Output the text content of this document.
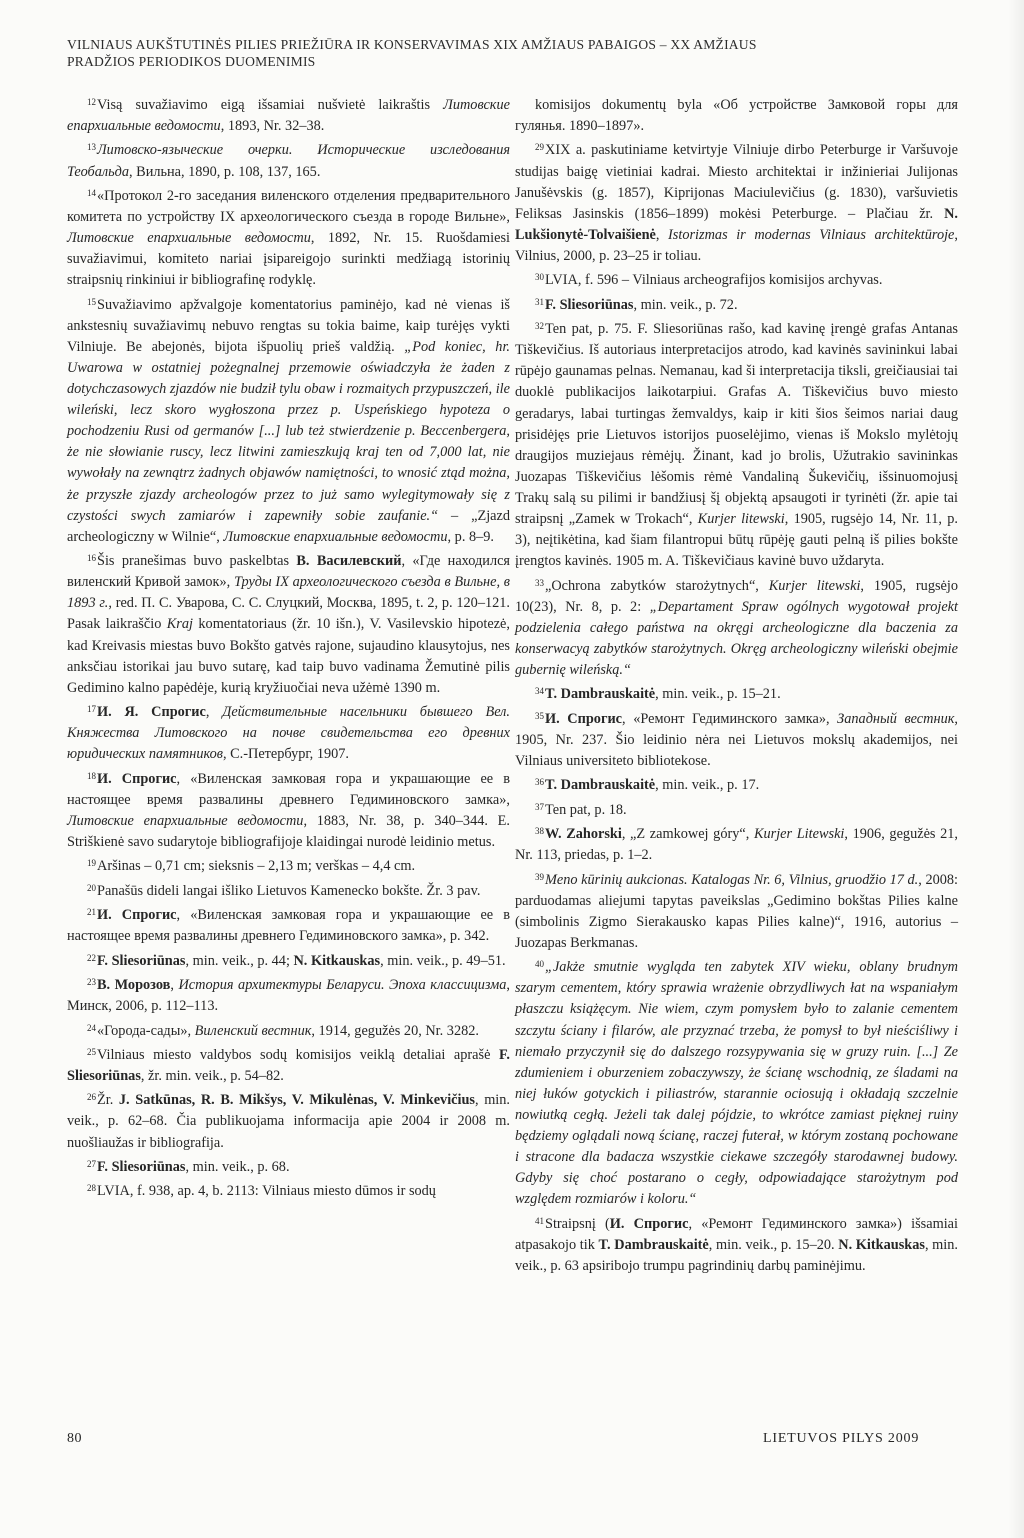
VILNIAUS AUKŠTUTINĖS PILIES PRIEŽIŪRA IR KONSERVAVIMAS XIX AMŽIAUS PABAIGOS – XX AMŽIAUS
PRADŽIOS PERIODIKOS DUOMENIMIS

$^{12}$Visą suvažiavimo eigą išsamiai nušvietė laikraštis Литовские епархиальные ведомости, 1893, Nr. 32–38.

$^{13}$Литовско-языческие очерки. Исторические изследования Теобальда, Вильна, 1890, p. 108, 137, 165.

$^{14}$«Протокол 2-го заседания виленского отделения предварительного комитета по устройству IX археологического съезда в городе Вильне», Литовские епархиальные ведомости, 1892, Nr. 15. Ruošdamiesi suvažiavimui, komiteto nariai įsipareigojo surinkti medžiagą istorinių straipsnių rinkiniui ir bibliografinę rodyklę.

$^{15}$Suvažiavimo apžvalgoje komentatorius paminėjo, kad nė vienas iš ankstesnių suvažiavimų nebuvo rengtas su tokia baime, kaip turėjęs vykti Vilniuje. Be abejonės, bijota išpuolių prieš valdžią. „Pod koniec, hr. Uwarowa w ostatniej pożegnalnej przemowie oświadczyła że żaden z dotychczasowych zjazdów nie budził tylu obaw i rozmaitych przypuszczeń, ile wileński, lecz skoro wygłoszona przez p. Uspeńskiego hypoteza o pochodzeniu Rusi od germanów [...] lub też stwierdzenie p. Beccenbergera, że nie słowianie ruscy, lecz litwini zamieszkują kraj ten od 7,000 lat, nie wywołały na zewnątrz żadnych objawów namiętności, to wnosić ztąd można, że przyszłe zjazdy archeologów przez to już samo wylegitymowały się z czystości swych zamiarów i zapewniły sobie zaufanie.“ – „Zjazd archeologiczny w Wilnie“, Литовские епархиальные ведомости, p. 8–9.

$^{16}$Šis pranešimas buvo paskelbtas В. Василевский, «Где находился виленский Кривой замок», Труды IX археологического съезда в Вильне, в 1893 г., red. П. С. Уварова, С. С. Слуцкий, Москва, 1895, t. 2, p. 120–121. Pasak laikraščio Kraj komentatoriaus (žr. 10 išn.), V. Vasilevskio hipotezė, kad Kreivasis miestas buvo Bokšto gatvės rajone, sujaudino klausytojus, nes anksčiau istorikai jau buvo sutarę, kad taip buvo vadinama Žemutinė pilis Gedimino kalno papėdėje, kurią kryžiuočiai neva užėmė 1390 m.

$^{17}$И. Я. Спрогис, Действительные насельники бывшего Вел. Княжества Литовского на почве свидетельства его древних юридических памятников, С.-Петербург, 1907.

$^{18}$И. Спрогис, «Виленская замковая гора и украшающие ее в настоящее время развалины древнего Гедиминовского замка», Литовские епархиальные ведомости, 1883, Nr. 38, p. 340–344. E. Striškienė savo sudarytoje bibliografijoje klaidingai nurodė leidinio metus.

$^{19}$Aršinas – 0,71 cm; sieksnis – 2,13 m; verškas – 4,4 cm.

$^{20}$Panašūs dideli langai išliko Lietuvos Kamenecko bokšte. Žr. 3 pav.

$^{21}$И. Спрогис, «Виленская замковая гора и украшающие ее в настоящее время развалины древнего Гедиминовского замка», p. 342.

$^{22}$F. Sliesoriūnas, min. veik., p. 44; N. Kitkauskas, min. veik., p. 49–51.

$^{23}$В. Морозов, История архитектуры Беларуси. Эпоха классицизма, Минск, 2006, p. 112–113.

$^{24}$«Города-сады», Виленский вестник, 1914, gegužės 20, Nr. 3282.

$^{25}$Vilniaus miesto valdybos sodų komisijos veiklą detaliai aprašė F. Sliesoriūnas, žr. min. veik., p. 54–82.

$^{26}$Žr. J. Satkūnas, R. B. Mikšys, V. Mikulėnas, V. Minkevičius, min. veik., p. 62–68. Čia publikuojama informacija apie 2004 ir 2008 m. nuošliaužas ir bibliografija.

$^{27}$F. Sliesoriūnas, min. veik., p. 68.

$^{28}$LVIA, f. 938, ap. 4, b. 2113: Vilniaus miesto dūmos ir sodų

komisijos dokumentų byla «Об устройстве Замковой горы для гулянья. 1890–1897».

$^{29}$XIX a. paskutiniame ketvirtyje Vilniuje dirbo Peterburge ir Varšuvoje studijas baigę vietiniai kadrai. Miesto architektai ir inžinieriai Julijonas Janušėvskis (g. 1857), Kiprijonas Maciulevičius (g. 1830), varšuvietis Feliksas Jasinskis (1856–1899) mokėsi Peterburge. – Plačiau žr. N. Lukšionytė-Tolvaišienė, Istorizmas ir modernas Vilniaus architektūroje, Vilnius, 2000, p. 23–25 ir toliau.

$^{30}$LVIA, f. 596 – Vilniaus archeografijos komisijos archyvas.

$^{31}$F. Sliesoriūnas, min. veik., p. 72.

$^{32}$Ten pat, p. 75. F. Sliesoriūnas rašo, kad kavinę įrengė grafas Antanas Tiškevičius. Iš autoriaus interpretacijos atrodo, kad kavinės savininkui labai rūpėjo gaunamas pelnas. Nemanau, kad ši interpretacija tiksli, greičiausiai tai duoklė publikacijos laikotarpiui. Grafas A. Tiškevičius buvo miesto geradarys, labai turtingas žemvaldys, kaip ir kiti šios šeimos nariai daug prisidėjęs prie Lietuvos istorijos puoselėjimo, vienas iš Mokslo mylėtojų draugijos muziejaus rėmėjų. Žinant, kad jo brolis, Užutrakio savininkas Juozapas Tiškevičius lėšomis rėmė Vandaliną Šukevičių, išsinuomojusį Trakų salą su pilimi ir bandžiusį šį objektą apsaugoti ir tyrinėti (žr. apie tai straipsnį „Zamek w Trokach“, Kurjer litewski, 1905, rugsėjo 14, Nr. 11, p. 3), neįtikėtina, kad šiam filantropui būtų rūpėję gauti pelną iš pilies bokšte įrengtos kavinės. 1905 m. A. Tiškevičiaus kavinė buvo uždaryta.

$^{33}$„Ochrona zabytków starożytnych“, Kurjer litewski, 1905, rugsėjo 10(23), Nr. 8, p. 2: „Departament Spraw ogólnych wygotował projekt podzielenia całego państwa na okręgi archeologiczne dla baczenia za konserwacyą zabytków starożytnych. Okręg archeologiczny wileński obejmie gubernię wileńską.“

$^{34}$T. Dambrauskaitė, min. veik., p. 15–21.

$^{35}$И. Спрогис, «Ремонт Гедиминского замка», Западный вестник, 1905, Nr. 237. Šio leidinio nėra nei Lietuvos mokslų akademijos, nei Vilniaus universiteto bibliotekose.

$^{36}$T. Dambrauskaitė, min. veik., p. 17.

$^{37}$Ten pat, p. 18.

$^{38}$W. Zahorski, „Z zamkowej góry“, Kurjer Litewski, 1906, gegužės 21, Nr. 113, priedas, p. 1–2.

$^{39}$Meno kūrinių aukcionas. Katalogas Nr. 6, Vilnius, gruodžio 17 d., 2008: parduodamas aliejumi tapytas paveikslas „Gedimino bokštas Pilies kalne (simbolinis Zigmo Sierakausko kapas Pilies kalne)“, 1916, autorius – Juozapas Berkmanas.

$^{40}$„Jakże smutnie wygląda ten zabytek XIV wieku, oblany brudnym szarym cementem, który sprawia wrażenie obrzydliwych łat na wspaniałym płaszczu książęcym. Nie wiem, czym pomysłem było to zalanie cementem szczytu ściany i filarów, ale przyznać trzeba, że pomysł to był nieściśliwy i niemało przyczynił się do dalszego rozsypywania się w gruzy ruin. [...] Ze zdumieniem i oburzeniem zobaczywszy, że ścianę wschodnią, ze śladami na niej łuków gotyckich i piliastrów, starannie ociosują i okładają szczelnie nowiutką cegłą. Jeżeli tak dalej pójdzie, to wkrótce zamiast pięknej ruiny będziemy oglądali nową ścianę, raczej futerał, w którym zostaną pochowane i stracone dla badacza wszystkie ciekawe szczegóły starodawnej budowy. Gdyby się choć postarano o cegły, odpowiadające starożytnym pod względem rozmiarów i koloru.“

$^{41}$Straipsnį (И. Спрогис, «Ремонт Гедиминского замка») išsamiai atpasakojo tik T. Dambrauskaitė, min. veik., p. 15–20. N. Kitkauskas, min. veik., p. 63 apsiribojo trumpu pagrindinių darbų paminėjimu.

80	LIETUVOS PILYS 2009
